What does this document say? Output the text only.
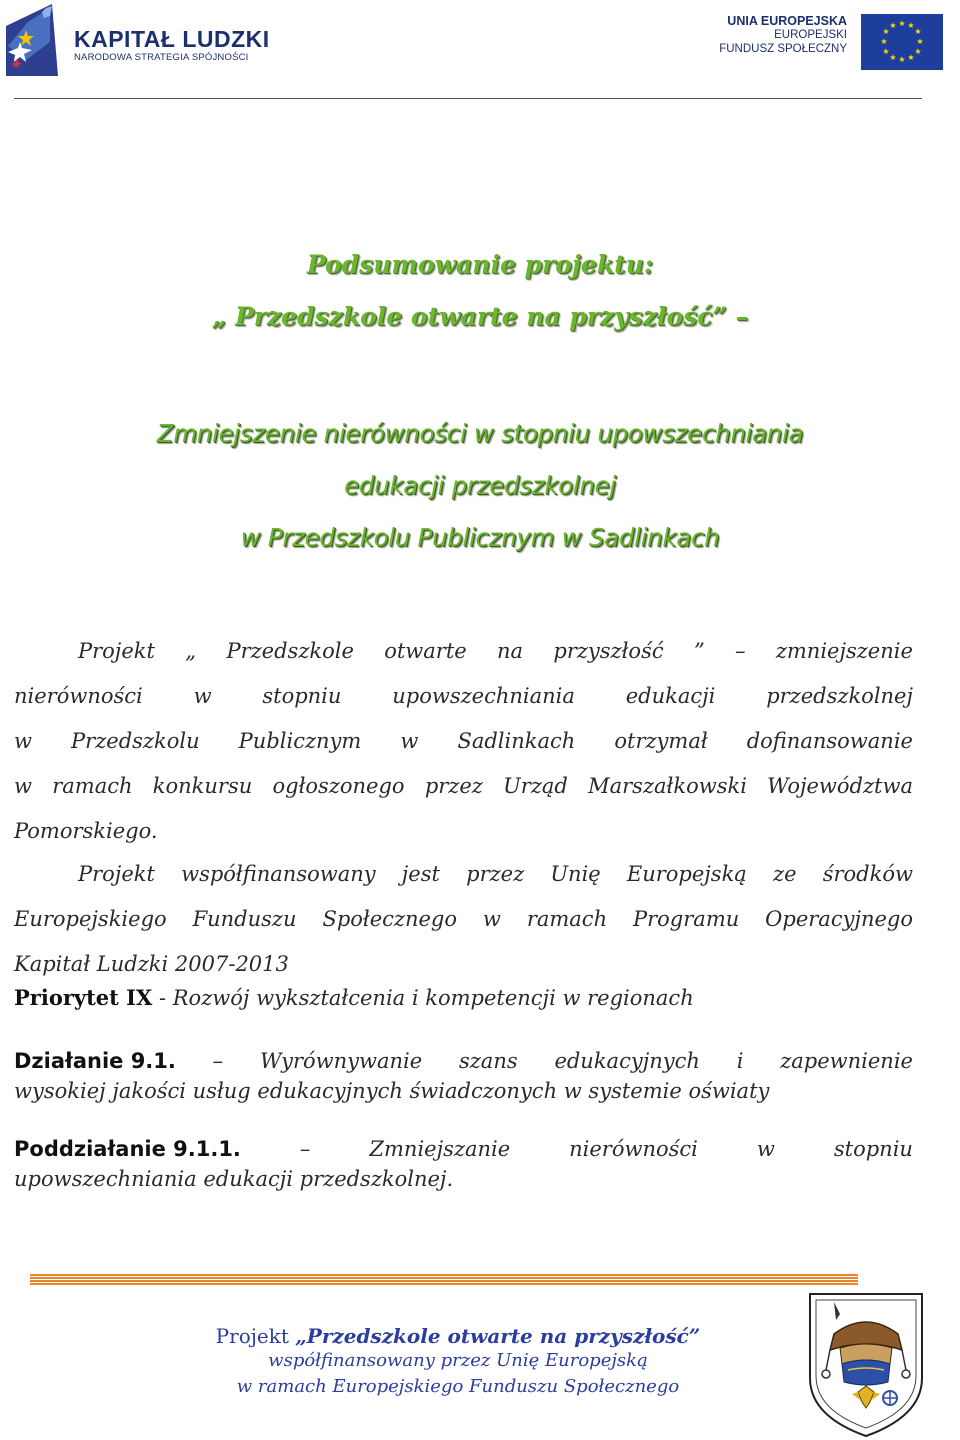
KAPITAŁ LUDZKI
NARODOWA STRATEGIA SPÓJNOŚCI
UNIA EUROPEJSKA
EUROPEJSKI
FUNDUSZ SPOŁECZNY
★ ★
★
★
★
★
★
★
★
★
★
★
Podsumowanie projektu:
„ Przedszkole otwarte na przyszłość” –
Zmniejszenie nierówności w stopniu upowszechniania
edukacji przedszkolnej
w Przedszkolu Publicznym w Sadlinkach
Projekt „ Przedszkole otwarte na przyszłość ” – zmniejszenie
nierówności w stopniu upowszechniania edukacji przedszkolnej
w Przedszkolu Publicznym w Sadlinkach otrzymał dofinansowanie
w ramach konkursu ogłoszonego przez Urząd Marszałkowski Województwa
Pomorskiego.
Projekt współfinansowany jest przez Unię Europejską ze środków
Europejskiego Funduszu Społecznego w ramach Programu Operacyjnego
Kapitał Ludzki 2007-2013
Priorytet IX - Rozwój wykształcenia i kompetencji w regionach
Działanie 9.1. – Wyrównywanie szans edukacyjnych i zapewnienie
wysokiej jakości usług edukacyjnych świadczonych w systemie oświaty
Poddziałanie 9.1.1.	–	Zmniejszanie	nierówności	w	stopniu
upowszechniania edukacji przedszkolnej.
Projekt „Przedszkole otwarte na przyszłość”
współfinansowany przez Unię Europejską
w ramach Europejskiego Funduszu Społecznego
